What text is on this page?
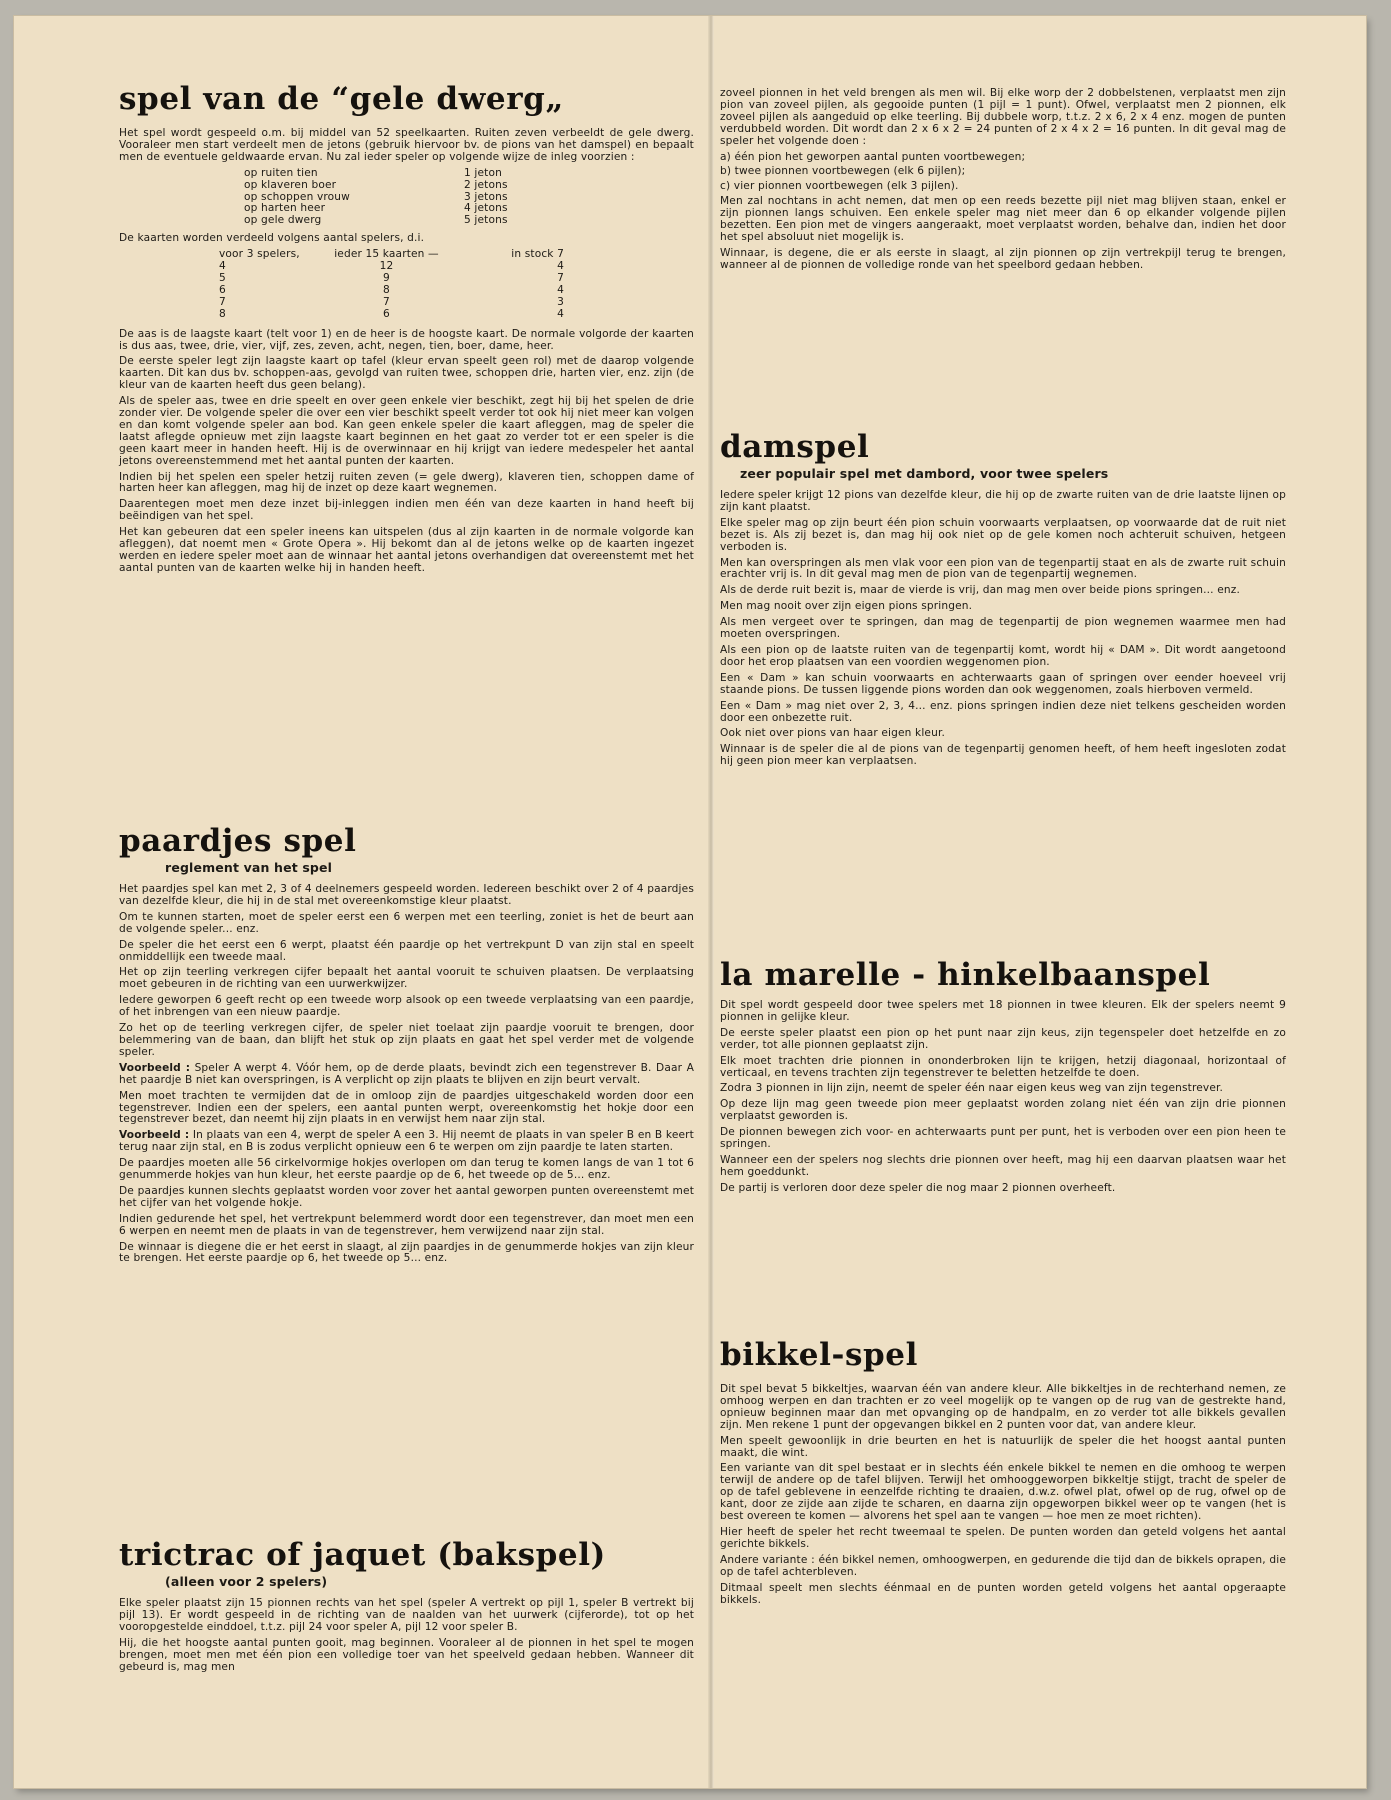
spel van de “gele dwerg„

Het spel wordt gespeeld o.m. bij middel van 52 speelkaarten. Ruiten zeven verbeeldt de gele dwerg. Vooraleer men start verdeelt men de jetons (gebruik hiervoor bv. de pions van het damspel) en bepaalt men de eventuele geldwaarde ervan. Nu zal ieder speler op volgende wijze de inleg voorzien :

op ruiten tien	1 jeton
op klaveren boer	2 jetons
op schoppen vrouw	3 jetons
op harten heer	4 jetons
op gele dwerg	5 jetons

De kaarten worden verdeeld volgens aantal spelers, d.i.

voor 3 spelers,	ieder 15 kaarten —	in stock 7
4	12	4
5	9	7
6	8	4
7	7	3
8	6	4

De aas is de laagste kaart (telt voor 1) en de heer is de hoogste kaart. De normale volgorde der kaarten is dus aas, twee, drie, vier, vijf, zes, zeven, acht, negen, tien, boer, dame, heer.

De eerste speler legt zijn laagste kaart op tafel (kleur ervan speelt geen rol) met de daarop volgende kaarten. Dit kan dus bv. schoppen-aas, gevolgd van ruiten twee, schoppen drie, harten vier, enz. zijn (de kleur van de kaarten heeft dus geen belang).

Als de speler aas, twee en drie speelt en over geen enkele vier beschikt, zegt hij bij het spelen de drie zonder vier. De volgende speler die over een vier beschikt speelt verder tot ook hij niet meer kan volgen en dan komt volgende speler aan bod. Kan geen enkele speler die kaart afleggen, mag de speler die laatst aflegde opnieuw met zijn laagste kaart beginnen en het gaat zo verder tot er een speler is die geen kaart meer in handen heeft. Hij is de overwinnaar en hij krijgt van iedere medespeler het aantal jetons overeenstemmend met het aantal punten der kaarten.

Indien bij het spelen een speler hetzij ruiten zeven (= gele dwerg), klaveren tien, schoppen dame of harten heer kan afleggen, mag hij de inzet op deze kaart wegnemen.

Daarentegen moet men deze inzet bij-inleggen indien men één van deze kaarten in hand heeft bij beëindigen van het spel.

Het kan gebeuren dat een speler ineens kan uitspelen (dus al zijn kaarten in de normale volgorde kan afleggen), dat noemt men « Grote Opera ». Hij bekomt dan al de jetons welke op de kaarten ingezet werden en iedere speler moet aan de winnaar het aantal jetons overhandigen dat overeenstemt met het aantal punten van de kaarten welke hij in handen heeft.

paardjes spel
reglement van het spel

Het paardjes spel kan met 2, 3 of 4 deelnemers gespeeld worden. Iedereen beschikt over 2 of 4 paardjes van dezelfde kleur, die hij in de stal met overeenkomstige kleur plaatst.

Om te kunnen starten, moet de speler eerst een 6 werpen met een teerling, zoniet is het de beurt aan de volgende speler... enz.

De speler die het eerst een 6 werpt, plaatst één paardje op het vertrekpunt D van zijn stal en speelt onmiddellijk een tweede maal.

Het op zijn teerling verkregen cijfer bepaalt het aantal vooruit te schuiven plaatsen. De verplaatsing moet gebeuren in de richting van een uurwerkwijzer.

Iedere geworpen 6 geeft recht op een tweede worp alsook op een tweede verplaatsing van een paardje, of het inbrengen van een nieuw paardje.

Zo het op de teerling verkregen cijfer, de speler niet toelaat zijn paardje vooruit te brengen, door belemmering van de baan, dan blijft het stuk op zijn plaats en gaat het spel verder met de volgende speler.

Voorbeeld : Speler A werpt 4. Vóór hem, op de derde plaats, bevindt zich een tegenstrever B. Daar A het paardje B niet kan overspringen, is A verplicht op zijn plaats te blijven en zijn beurt vervalt.

Men moet trachten te vermijden dat de in omloop zijn de paardjes uitgeschakeld worden door een tegenstrever. Indien een der spelers, een aantal punten werpt, overeenkomstig het hokje door een tegenstrever bezet, dan neemt hij zijn plaats in en verwijst hem naar zijn stal.

Voorbeeld : In plaats van een 4, werpt de speler A een 3. Hij neemt de plaats in van speler B en B keert terug naar zijn stal, en B is zodus verplicht opnieuw een 6 te werpen om zijn paardje te laten starten.

De paardjes moeten alle 56 cirkelvormige hokjes overlopen om dan terug te komen langs de van 1 tot 6 genummerde hokjes van hun kleur, het eerste paardje op de 6, het tweede op de 5... enz.

De paardjes kunnen slechts geplaatst worden voor zover het aantal geworpen punten overeenstemt met het cijfer van het volgende hokje.

Indien gedurende het spel, het vertrekpunt belemmerd wordt door een tegenstrever, dan moet men een 6 werpen en neemt men de plaats in van de tegenstrever, hem verwijzend naar zijn stal.

De winnaar is diegene die er het eerst in slaagt, al zijn paardjes in de genummerde hokjes van zijn kleur te brengen. Het eerste paardje op 6, het tweede op 5... enz.

trictrac of jaquet (bakspel)
(alleen voor 2 spelers)

Elke speler plaatst zijn 15 pionnen rechts van het spel (speler A vertrekt op pijl 1, speler B vertrekt bij pijl 13). Er wordt gespeeld in de richting van de naalden van het uurwerk (cijferorde), tot op het vooropgestelde einddoel, t.t.z. pijl 24 voor speler A, pijl 12 voor speler B.

Hij, die het hoogste aantal punten gooit, mag beginnen. Vooraleer al de pionnen in het spel te mogen brengen, moet men met één pion een volledige toer van het speelveld gedaan hebben. Wanneer dit gebeurd is, mag men

zoveel pionnen in het veld brengen als men wil. Bij elke worp der 2 dobbelstenen, verplaatst men zijn pion van zoveel pijlen, als gegooide punten (1 pijl = 1 punt). Ofwel, verplaatst men 2 pionnen, elk zoveel pijlen als aangeduid op elke teerling. Bij dubbele worp, t.t.z. 2 x 6, 2 x 4 enz. mogen de punten verdubbeld worden. Dit wordt dan 2 x 6 x 2 = 24 punten of 2 x 4 x 2 = 16 punten. In dit geval mag de speler het volgende doen :

a) één pion het geworpen aantal punten voortbewegen;

b) twee pionnen voortbewegen (elk 6 pijlen);

c) vier pionnen voortbewegen (elk 3 pijlen).

Men zal nochtans in acht nemen, dat men op een reeds bezette pijl niet mag blijven staan, enkel er zijn pionnen langs schuiven. Een enkele speler mag niet meer dan 6 op elkander volgende pijlen bezetten. Een pion met de vingers aangeraakt, moet verplaatst worden, behalve dan, indien het door het spel absoluut niet mogelijk is.

Winnaar, is degene, die er als eerste in slaagt, al zijn pionnen op zijn vertrekpijl terug te brengen, wanneer al de pionnen de volledige ronde van het speelbord gedaan hebben.

damspel
zeer populair spel met dambord, voor twee spelers

Iedere speler krijgt 12 pions van dezelfde kleur, die hij op de zwarte ruiten van de drie laatste lijnen op zijn kant plaatst.

Elke speler mag op zijn beurt één pion schuin voorwaarts verplaatsen, op voorwaarde dat de ruit niet bezet is. Als zij bezet is, dan mag hij ook niet op de gele komen noch achteruit schuiven, hetgeen verboden is.

Men kan overspringen als men vlak voor een pion van de tegenpartij staat en als de zwarte ruit schuin erachter vrij is. In dit geval mag men de pion van de tegenpartij wegnemen.

Als de derde ruit bezit is, maar de vierde is vrij, dan mag men over beide pions springen... enz.

Men mag nooit over zijn eigen pions springen.

Als men vergeet over te springen, dan mag de tegenpartij de pion wegnemen waarmee men had moeten overspringen.

Als een pion op de laatste ruiten van de tegenpartij komt, wordt hij « DAM ». Dit wordt aangetoond door het erop plaatsen van een voordien weggenomen pion.

Een « Dam » kan schuin voorwaarts en achterwaarts gaan of springen over eender hoeveel vrij staande pions. De tussen liggende pions worden dan ook weggenomen, zoals hierboven vermeld.

Een « Dam » mag niet over 2, 3, 4... enz. pions springen indien deze niet telkens gescheiden worden door een onbezette ruit.

Ook niet over pions van haar eigen kleur.

Winnaar is de speler die al de pions van de tegenpartij genomen heeft, of hem heeft ingesloten zodat hij geen pion meer kan verplaatsen.

la marelle - hinkelbaanspel

Dit spel wordt gespeeld door twee spelers met 18 pionnen in twee kleuren. Elk der spelers neemt 9 pionnen in gelijke kleur.

De eerste speler plaatst een pion op het punt naar zijn keus, zijn tegenspeler doet hetzelfde en zo verder, tot alle pionnen geplaatst zijn.

Elk moet trachten drie pionnen in ononderbroken lijn te krijgen, hetzij diagonaal, horizontaal of verticaal, en tevens trachten zijn tegenstrever te beletten hetzelfde te doen.

Zodra 3 pionnen in lijn zijn, neemt de speler één naar eigen keus weg van zijn tegenstrever.

Op deze lijn mag geen tweede pion meer geplaatst worden zolang niet één van zijn drie pionnen verplaatst geworden is.

De pionnen bewegen zich voor- en achterwaarts punt per punt, het is verboden over een pion heen te springen.

Wanneer een der spelers nog slechts drie pionnen over heeft, mag hij een daarvan plaatsen waar het hem goeddunkt.

De partij is verloren door deze speler die nog maar 2 pionnen overheeft.

bikkel-spel

Dit spel bevat 5 bikkeltjes, waarvan één van andere kleur. Alle bikkeltjes in de rechterhand nemen, ze omhoog werpen en dan trachten er zo veel mogelijk op te vangen op de rug van de gestrekte hand, opnieuw beginnen maar dan met opvanging op de handpalm, en zo verder tot alle bikkels gevallen zijn. Men rekene 1 punt der opgevangen bikkel en 2 punten voor dat, van andere kleur.

Men speelt gewoonlijk in drie beurten en het is natuurlijk de speler die het hoogst aantal punten maakt, die wint.

Een variante van dit spel bestaat er in slechts één enkele bikkel te nemen en die omhoog te werpen terwijl de andere op de tafel blijven. Terwijl het omhooggeworpen bikkeltje stijgt, tracht de speler de op de tafel geblevene in eenzelfde richting te draaien, d.w.z. ofwel plat, ofwel op de rug, ofwel op de kant, door ze zijde aan zijde te scharen, en daarna zijn opgeworpen bikkel weer op te vangen (het is best overeen te komen — alvorens het spel aan te vangen — hoe men ze moet richten).

Hier heeft de speler het recht tweemaal te spelen. De punten worden dan geteld volgens het aantal gerichte bikkels.

Andere variante : één bikkel nemen, omhoogwerpen, en gedurende die tijd dan de bikkels oprapen, die op de tafel achterbleven.

Ditmaal speelt men slechts éénmaal en de punten worden geteld volgens het aantal opgeraapte bikkels.
